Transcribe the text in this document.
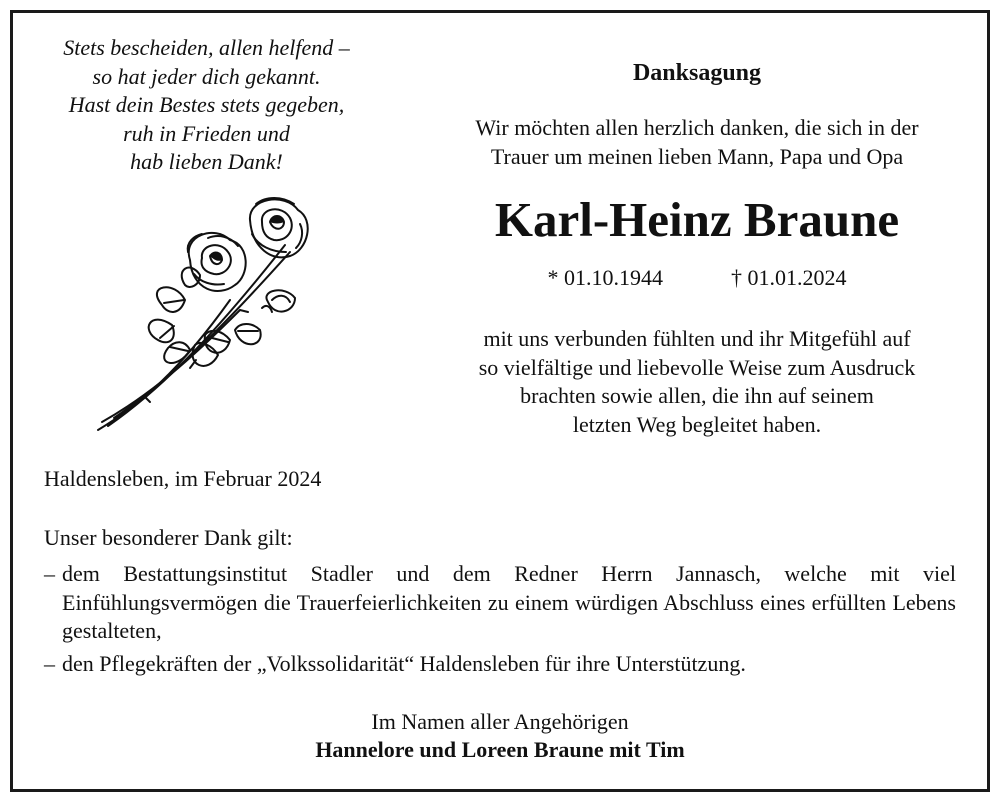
Stets bescheiden, allen helfend –
so hat jeder dich gekannt.
Hast dein Bestes stets gegeben,
ruh in Frieden und
hab lieben Dank!
Danksagung
Wir möchten allen herzlich danken, die sich in der
Trauer um meinen lieben Mann, Papa und Opa
Karl-Heinz Braune
* 01.10.1944	† 01.01.2024
mit uns verbunden fühlten und ihr Mitgefühl auf
so vielfältige und liebevolle Weise zum Ausdruck
brachten sowie allen, die ihn auf seinem
letzten Weg begleitet haben.
Haldensleben, im Februar 2024
Unser besonderer Dank gilt:
– dem Bestattungsinstitut Stadler und dem Redner Herrn Jannasch, welche mit viel Einfühlungsvermögen die Trauerfeierlichkeiten zu einem würdigen Abschluss eines erfüllten Lebens gestalteten,
– den Pflegekräften der „Volkssolidarität“ Haldensleben für ihre Unterstützung.
Im Namen aller Angehörigen
Hannelore und Loreen Braune mit Tim
